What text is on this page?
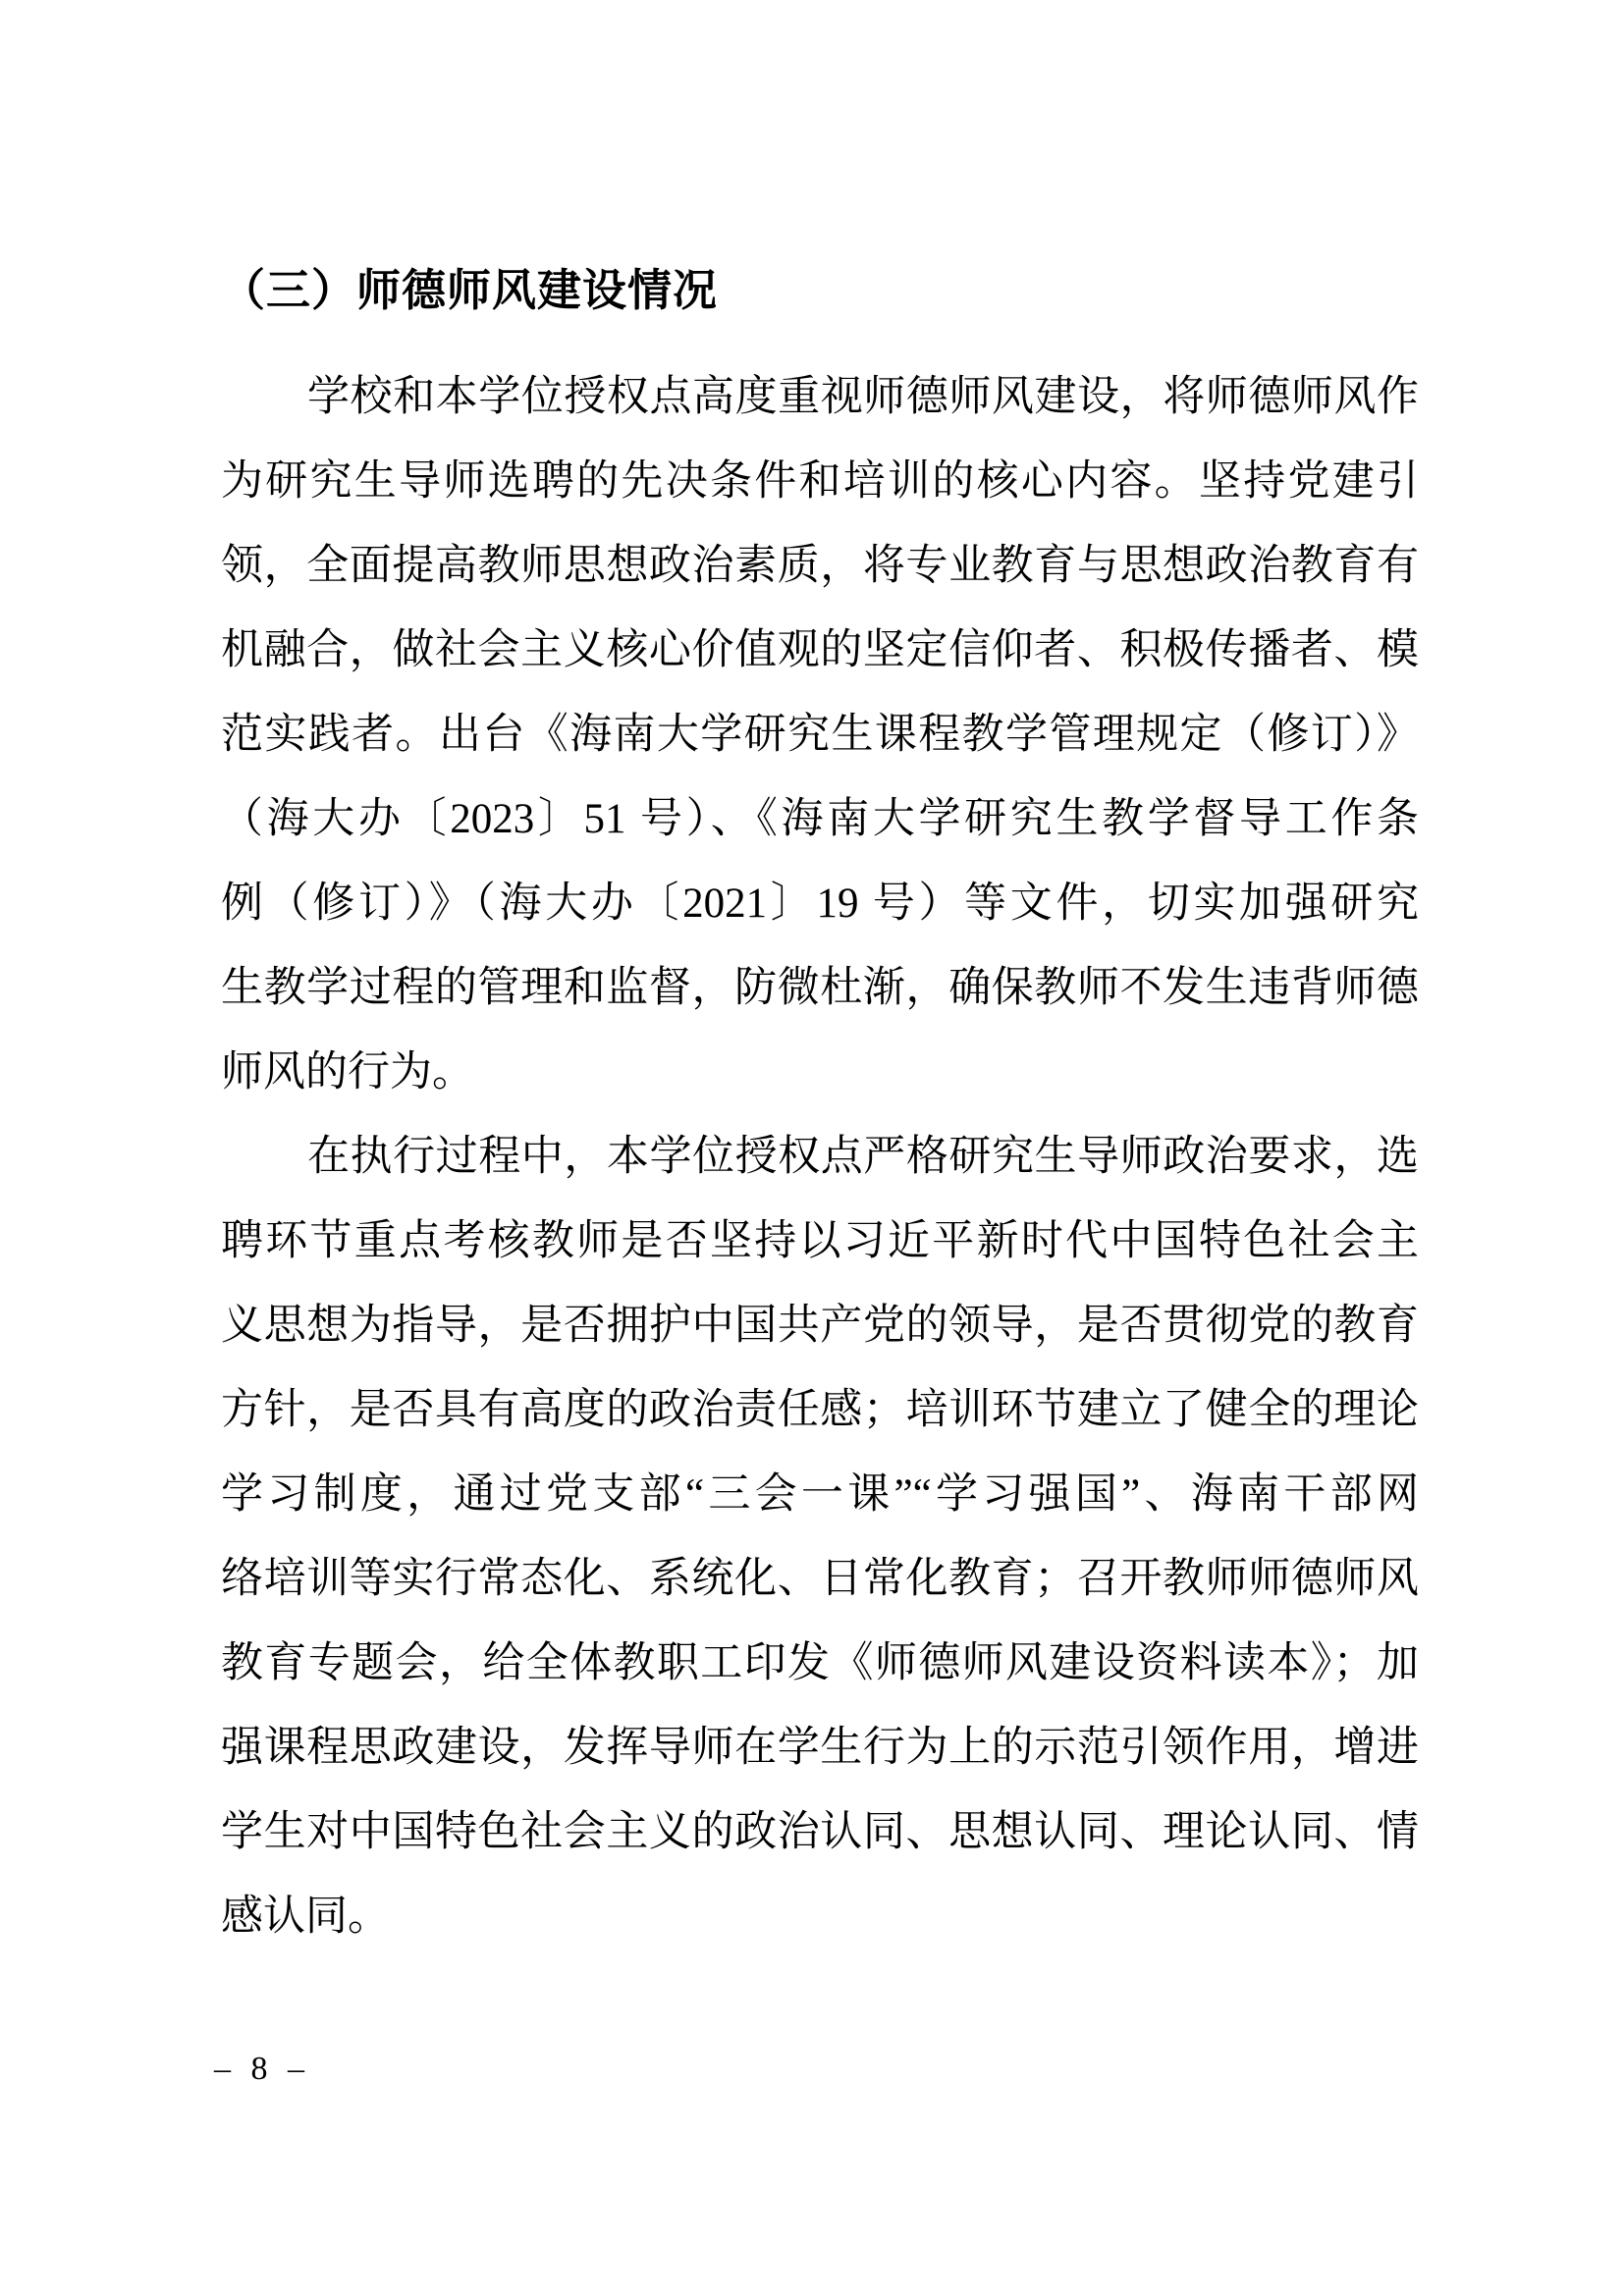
（三）师德师风建设情况
学校和本学位授权点高度重视师德师风建设，将师德师风作
为研究生导师选聘的先决条件和培训的核心内容。坚持党建引
领，全面提高教师思想政治素质，将专业教育与思想政治教育有
机融合，做社会主义核心价值观的坚定信仰者、积极传播者、模
范实践者。出台《海南大学研究生课程教学管理规定（修订）》
（海大办〔2023〕51 号）、《海南大学研究生教学督导工作条
例（修订）》（海大办〔2021〕19 号）等文件，切实加强研究
生教学过程的管理和监督，防微杜渐，确保教师不发生违背师德
师风的行为。
在执行过程中，本学位授权点严格研究生导师政治要求，选
聘环节重点考核教师是否坚持以习近平新时代中国特色社会主
义思想为指导，是否拥护中国共产党的领导，是否贯彻党的教育
方针，是否具有高度的政治责任感；培训环节建立了健全的理论
学习制度，通过党支部“三会一课”“学习强国”、海南干部网
络培训等实行常态化、系统化、日常化教育；召开教师师德师风
教育专题会，给全体教职工印发《师德师风建设资料读本》；加
强课程思政建设，发挥导师在学生行为上的示范引领作用，增进
学生对中国特色社会主义的政治认同、思想认同、理论认同、情
感认同。
– 8 –
